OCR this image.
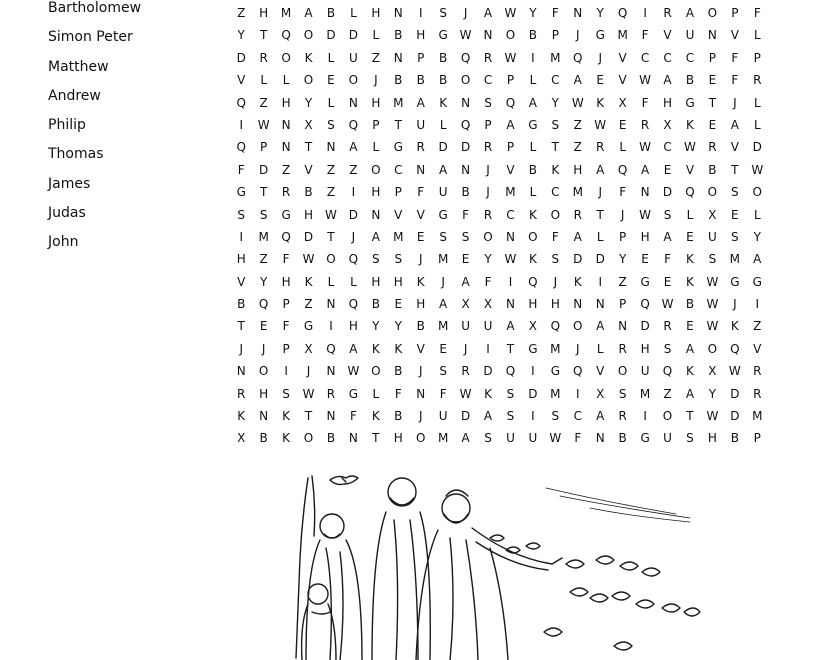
Bartholomew
Simon Peter
Matthew
Andrew
Philip
Thomas
James
Judas
John
Z	H	M	A	B	L	H	N	I	S	J	A	W	Y	F	N	Y	Q	I	R	A	O	P	F
Y	T	Q	O	D	D	L	B	H	G W	N	O	B	P	J	G	M	F	V	U	N	V	L
D	R	O	K	L	U	Z	N	P	B	Q	R	W	I	M	Q	J	V	C	C	C	P	F	P
V	L	L	O	E	O	J	B	B	B	O	C	P	L	C	A	E	V	W	A	B	E	F	R
Q	Z	H	Y	L	N	H	M	A	K	N	S	Q	A	Y	W	K	X	F	H	G	T	J	L
I	W	N	X	S	Q	P	T	U	L	Q	P	A	G	S	Z	W	E	R	X	K	E	A	L
Q	P	N	T	N	A	L	G	R	D	D	R	P	L	T	Z	R	L	W	C	W	R	V	D
F	D	Z	V	Z	Z	O	C	N	A	N	J	V	B	K	H	A	Q	A	E	V	B	T	W
G	T	R	B	Z	I	H	P	F	U	B	J	M	L	C	M	J	F	N	D	Q	O	S	O
S	S	G	H W D	N	V	V	G	F	R	C	K	O	R	T	J	W	S	L	X	E	L
I	M	Q	D	T	J	A	M	E	S	S	O	N	O	F	A	L	P	H	A	E	U	S	Y
H	Z	F	W O	Q	S	S	J	M	E	Y	W	K	S	D	D	Y	E	F	K	S	M	A
V	Y	H	K	L	L	H	H	K	J	A	F	I	Q	J	K	I	Z	G	E	K	W G	G
B	Q	P	Z	N	Q	B	E	H	A	X	X	N	H	H	N	N	P	Q W	B	W	J	I
T	E	F	G	I	H	Y	Y	B	M	U	U	A	X	Q	O	A	N	D	R	E	W	K	Z
J	J	P	X	Q	A	K	K	V	E	J	I	T	G	M	J	L	R	H	S	A	O	Q	V
N	O	I	J	N	W O	B	J	S	R	D	Q	I	G	Q	V	O	U	Q	K	X	W	R
R	H	S	W	R	G	L	F	N	F	W	K	S	D	M	I	X	S	M	Z	A	Y	D	R
K	N	K	T	N	F	K	B	J	U	D	A	S	I	S	C	A	R	I	O	T	W D	M
X	B	K	O	B	N	T	H	O	M	A	S	U	U	W	F	N	B	G	U	S	H	B	P
